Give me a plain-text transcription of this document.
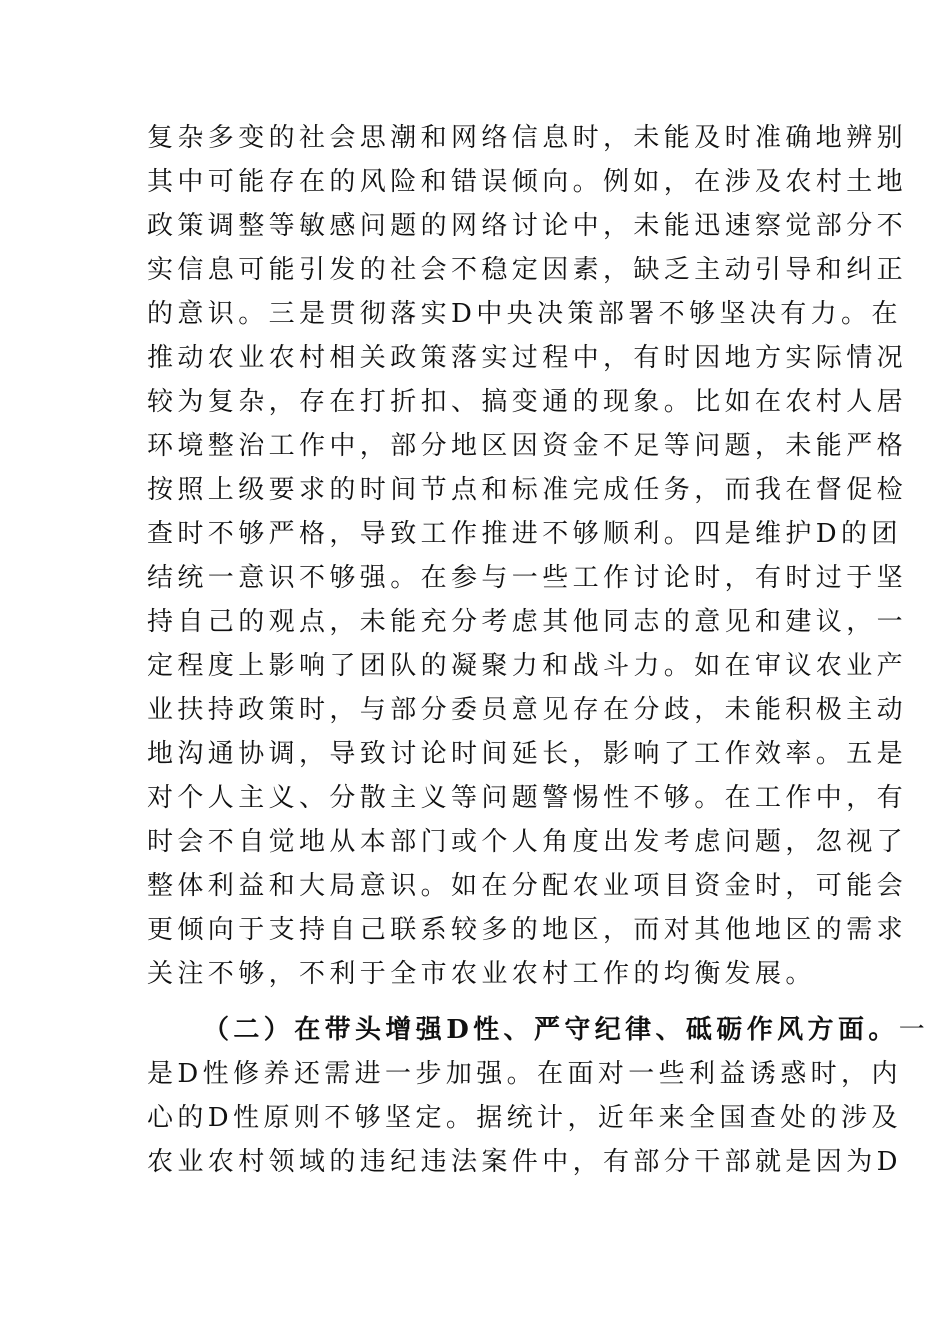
复杂多变的社会思潮和网络信息时，未能及时准确地辨别
其中可能存在的风险和错误倾向。例如，在涉及农村土地
政策调整等敏感问题的网络讨论中，未能迅速察觉部分不
实信息可能引发的社会不稳定因素，缺乏主动引导和纠正
的意识。三是贯彻落实D中央决策部署不够坚决有力。在
推动农业农村相关政策落实过程中，有时因地方实际情况
较为复杂，存在打折扣、搞变通的现象。比如在农村人居
环境整治工作中，部分地区因资金不足等问题，未能严格
按照上级要求的时间节点和标准完成任务，而我在督促检
查时不够严格，导致工作推进不够顺利。四是维护D的团
结统一意识不够强。在参与一些工作讨论时，有时过于坚
持自己的观点，未能充分考虑其他同志的意见和建议，一
定程度上影响了团队的凝聚力和战斗力。如在审议农业产
业扶持政策时，与部分委员意见存在分歧，未能积极主动
地沟通协调，导致讨论时间延长，影响了工作效率。五是
对个人主义、分散主义等问题警惕性不够。在工作中，有
时会不自觉地从本部门或个人角度出发考虑问题，忽视了
整体利益和大局意识。如在分配农业项目资金时，可能会
更倾向于支持自己联系较多的地区，而对其他地区的需求
关注不够，不利于全市农业农村工作的均衡发展。
（二）在带头增强D性、严守纪律、砥砺作风方面。一
是D性修养还需进一步加强。在面对一些利益诱惑时，内
心的D性原则不够坚定。据统计，近年来全国查处的涉及
农业农村领域的违纪违法案件中，有部分干部就是因为D
